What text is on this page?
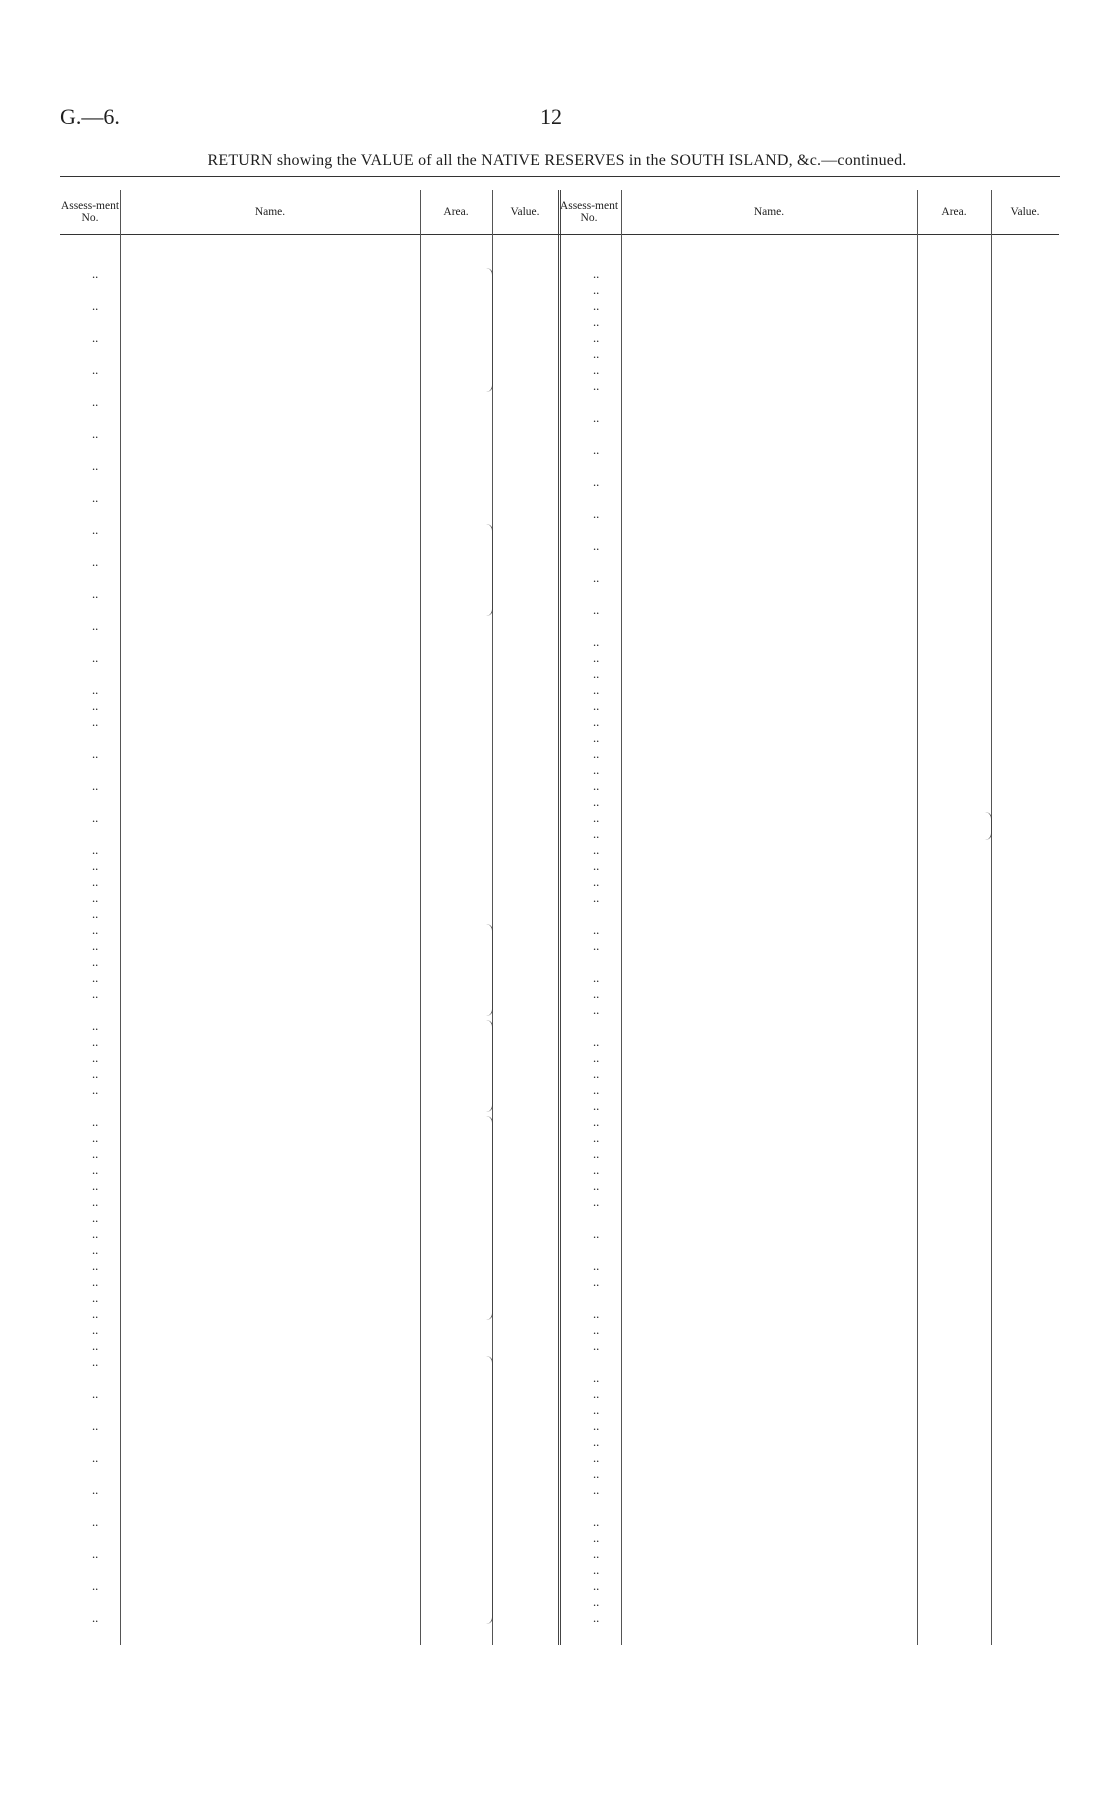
G.—6.	12
RETURN showing the VALUE of all the NATIVE RESERVES in the SOUTH ISLAND, &c.—continued.
Assess-ment No.	Name.	Area.	Value.
..
..
..
..
..
..
..
..
..
..
..
..
..
..
..
..
..
..
..
..
..
..
..
..
..
..
..
..
..
..
..
..
..
..
..
..
..
..
..
..
..
..
..
..
..
..
..
..
..
..
..
..
..
..
..
..
..
..
Assess-ment No.	Name.	Area.	Value.
..
..
..
..
..
..
..
..
..
..
..
..
..
..
..
..
..
..
..
..
..
..
..
..
..
..
..
..
..
..
..
..
..
..
..
..
..
..
..
..
..
..
..
..
..
..
..
..
..
..
..
..
..
..
..
..
..
..
..
..
..
..
..
..
..
..
..
..
..
